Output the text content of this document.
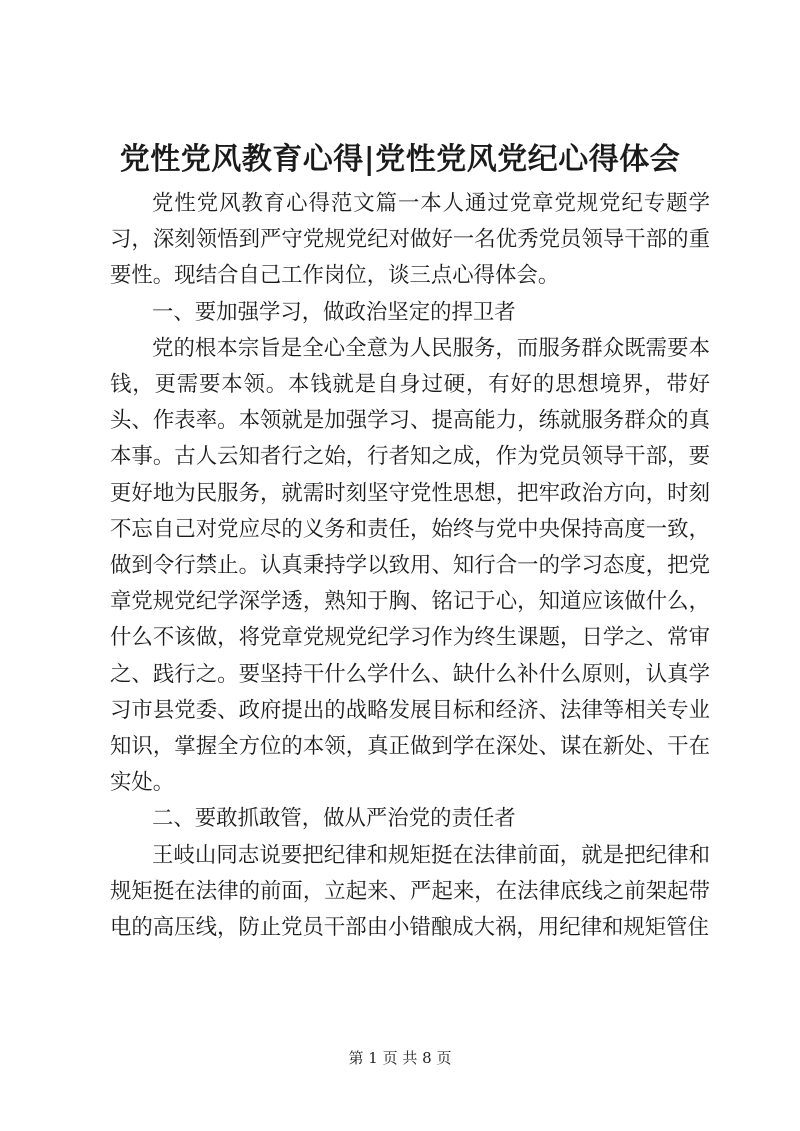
党性党风教育心得|党性党风党纪心得体会

党性党风教育心得范文篇一本人通过党章党规党纪专题学习，深刻领悟到严守党规党纪对做好一名优秀党员领导干部的重要性。现结合自己工作岗位，谈三点心得体会。

一、要加强学习，做政治坚定的捍卫者

党的根本宗旨是全心全意为人民服务，而服务群众既需要本钱，更需要本领。本钱就是自身过硬，有好的思想境界，带好头、作表率。本领就是加强学习、提高能力，练就服务群众的真本事。古人云知者行之始，行者知之成，作为党员领导干部，要更好地为民服务，就需时刻坚守党性思想，把牢政治方向，时刻不忘自己对党应尽的义务和责任，始终与党中央保持高度一致，做到令行禁止。认真秉持学以致用、知行合一的学习态度，把党章党规党纪学深学透，熟知于胸、铭记于心，知道应该做什么，什么不该做，将党章党规党纪学习作为终生课题，日学之、常审之、践行之。要坚持干什么学什么、缺什么补什么原则，认真学习市县党委、政府提出的战略发展目标和经济、法律等相关专业知识，掌握全方位的本领，真正做到学在深处、谋在新处、干在实处。

二、要敢抓敢管，做从严治党的责任者

王岐山同志说要把纪律和规矩挺在法律前面，就是把纪律和规矩挺在法律的前面，立起来、严起来，在法律底线之前架起带电的高压线，防止党员干部由小错酿成大祸，用纪律和规矩管住

第 1 页 共 8 页
